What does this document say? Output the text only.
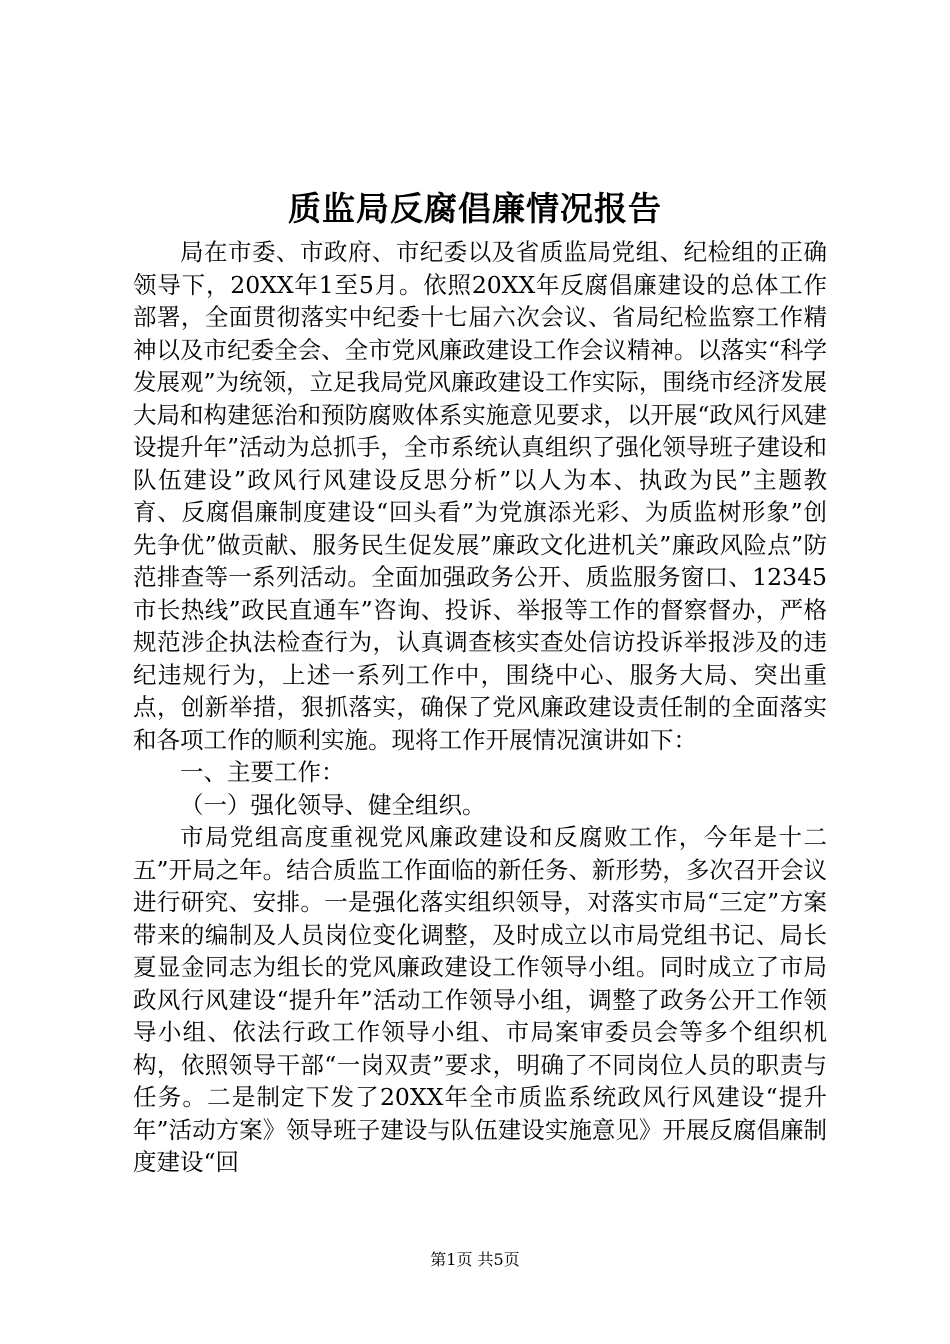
质监局反腐倡廉情况报告

局在市委、市政府、市纪委以及省质监局党组、纪检组的正确领导下，20XX年1至5月。依照20XX年反腐倡廉建设的总体工作部署，全面贯彻落实中纪委十七届六次会议、省局纪检监察工作精神以及市纪委全会、全市党风廉政建设工作会议精神。以落实“科学发展观”为统领，立足我局党风廉政建设工作实际，围绕市经济发展大局和构建惩治和预防腐败体系实施意见要求，以开展“政风行风建设提升年”活动为总抓手，全市系统认真组织了强化领导班子建设和队伍建设”政风行风建设反思分析”以人为本、执政为民”主题教育、反腐倡廉制度建设“回头看”为党旗添光彩、为质监树形象”创先争优”做贡献、服务民生促发展”廉政文化进机关”廉政风险点”防范排查等一系列活动。全面加强政务公开、质监服务窗口、12345市长热线”政民直通车”咨询、投诉、举报等工作的督察督办，严格规范涉企执法检查行为，认真调查核实查处信访投诉举报涉及的违纪违规行为，上述一系列工作中，围绕中心、服务大局、突出重点，创新举措，狠抓落实，确保了党风廉政建设责任制的全面落实和各项工作的顺利实施。现将工作开展情况演讲如下：

一、主要工作：

（一）强化领导、健全组织。

市局党组高度重视党风廉政建设和反腐败工作，今年是十二五”开局之年。结合质监工作面临的新任务、新形势，多次召开会议进行研究、安排。一是强化落实组织领导，对落实市局“三定”方案带来的编制及人员岗位变化调整，及时成立以市局党组书记、局长夏显金同志为组长的党风廉政建设工作领导小组。同时成立了市局政风行风建设“提升年”活动工作领导小组，调整了政务公开工作领导小组、依法行政工作领导小组、市局案审委员会等多个组织机构，依照领导干部“一岗双责”要求，明确了不同岗位人员的职责与任务。二是制定下发了20XX年全市质监系统政风行风建设“提升年”活动方案》领导班子建设与队伍建设实施意见》开展反腐倡廉制度建设“回

第1页 共5页
